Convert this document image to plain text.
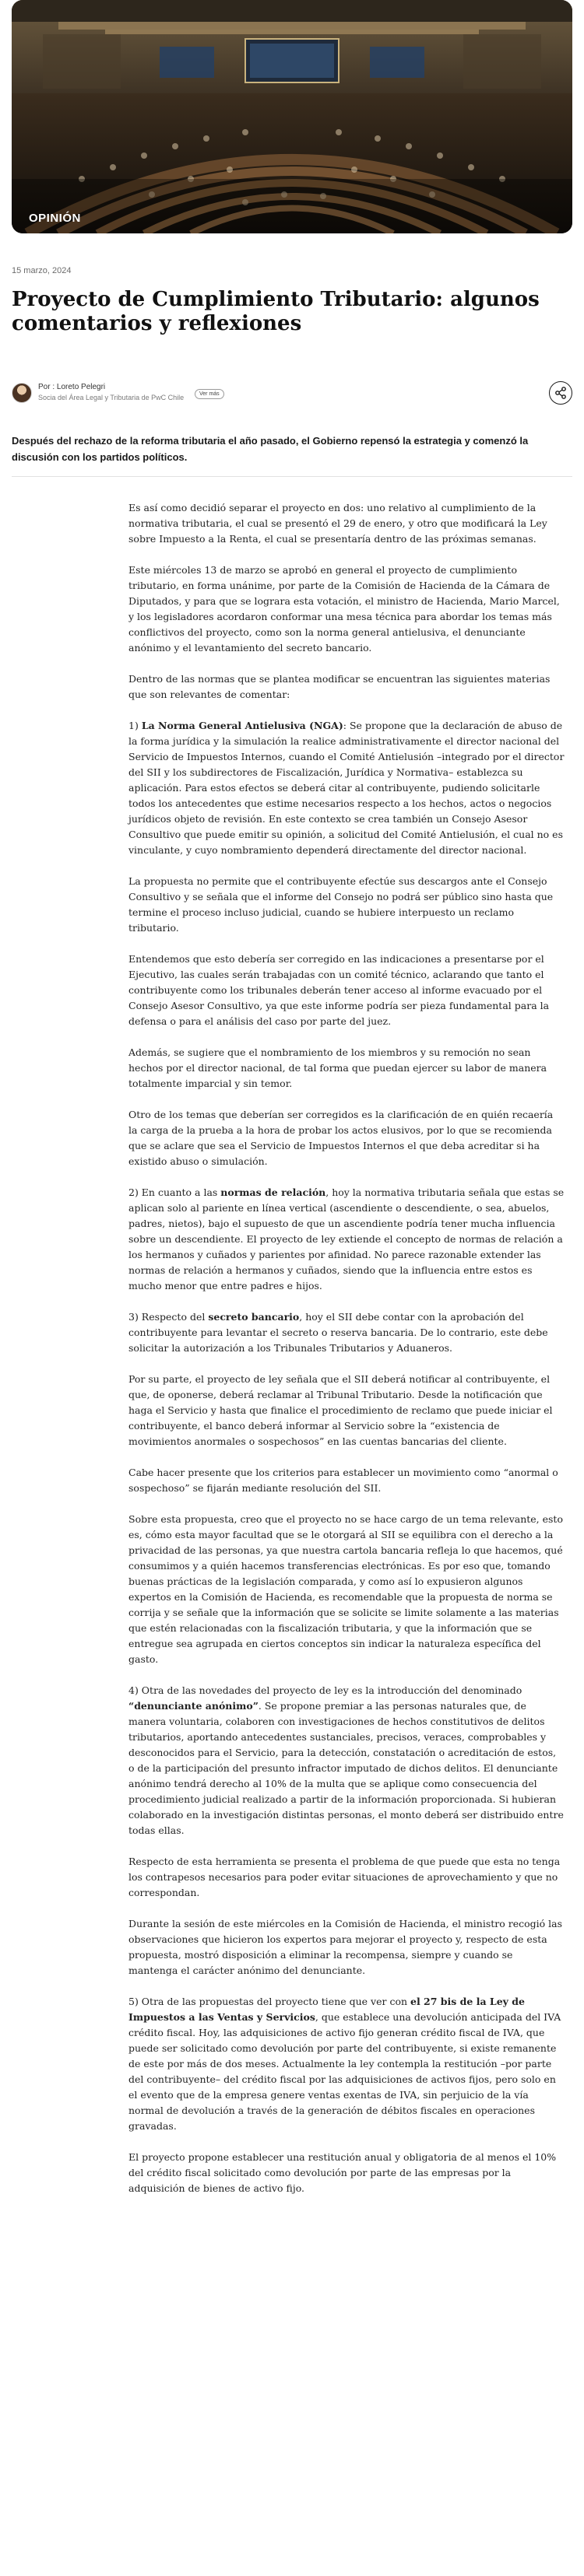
OPINIÓN
15 marzo, 2024
Proyecto de Cumplimiento Tributario: algunos comentarios y reflexiones
Por : Loreto Pelegri
Socia del Área Legal y Tributaria de PwC Chile	Ver más

Después del rechazo de la reforma tributaria el año pasado, el Gobierno repensó la estrategia y comenzó la discusión con los partidos políticos.

Es así como decidió separar el proyecto en dos: uno relativo al cumplimiento de la normativa tributaria, el cual se presentó el 29 de enero, y otro que modificará la Ley sobre Impuesto a la Renta, el cual se presentaría dentro de las próximas semanas.

Este miércoles 13 de marzo se aprobó en general el proyecto de cumplimiento tributario, en forma unánime, por parte de la Comisión de Hacienda de la Cámara de Diputados, y para que se lograra esta votación, el ministro de Hacienda, Mario Marcel, y los legisladores acordaron conformar una mesa técnica para abordar los temas más conflictivos del proyecto, como son la norma general antielusiva, el denunciante anónimo y el levantamiento del secreto bancario.

Dentro de las normas que se plantea modificar se encuentran las siguientes materias que son relevantes de comentar:

1) La Norma General Antielusiva (NGA): Se propone que la declaración de abuso de la forma jurídica y la simulación la realice administrativamente el director nacional del Servicio de Impuestos Internos, cuando el Comité Antielusión –integrado por el director del SII y los subdirectores de Fiscalización, Jurídica y Normativa– establezca su aplicación. Para estos efectos se deberá citar al contribuyente, pudiendo solicitarle todos los antecedentes que estime necesarios respecto a los hechos, actos o negocios jurídicos objeto de revisión. En este contexto se crea también un Consejo Asesor Consultivo que puede emitir su opinión, a solicitud del Comité Antielusión, el cual no es vinculante, y cuyo nombramiento dependerá directamente del director nacional.

La propuesta no permite que el contribuyente efectúe sus descargos ante el Consejo Consultivo y se señala que el informe del Consejo no podrá ser público sino hasta que termine el proceso incluso judicial, cuando se hubiere interpuesto un reclamo tributario.

Entendemos que esto debería ser corregido en las indicaciones a presentarse por el Ejecutivo, las cuales serán trabajadas con un comité técnico, aclarando que tanto el contribuyente como los tribunales deberán tener acceso al informe evacuado por el Consejo Asesor Consultivo, ya que este informe podría ser pieza fundamental para la defensa o para el análisis del caso por parte del juez.

Además, se sugiere que el nombramiento de los miembros y su remoción no sean hechos por el director nacional, de tal forma que puedan ejercer su labor de manera totalmente imparcial y sin temor.

Otro de los temas que deberían ser corregidos es la clarificación de en quién recaería la carga de la prueba a la hora de probar los actos elusivos, por lo que se recomienda que se aclare que sea el Servicio de Impuestos Internos el que deba acreditar si ha existido abuso o simulación.

2) En cuanto a las normas de relación, hoy la normativa tributaria señala que estas se aplican solo al pariente en línea vertical (ascendiente o descendiente, o sea, abuelos, padres, nietos), bajo el supuesto de que un ascendiente podría tener mucha influencia sobre un descendiente. El proyecto de ley extiende el concepto de normas de relación a los hermanos y cuñados y parientes por afinidad. No parece razonable extender las normas de relación a hermanos y cuñados, siendo que la influencia entre estos es mucho menor que entre padres e hijos.

3) Respecto del secreto bancario, hoy el SII debe contar con la aprobación del contribuyente para levantar el secreto o reserva bancaria. De lo contrario, este debe solicitar la autorización a los Tribunales Tributarios y Aduaneros.

Por su parte, el proyecto de ley señala que el SII deberá notificar al contribuyente, el que, de oponerse, deberá reclamar al Tribunal Tributario. Desde la notificación que haga el Servicio y hasta que finalice el procedimiento de reclamo que puede iniciar el contribuyente, el banco deberá informar al Servicio sobre la “existencia de movimientos anormales o sospechosos” en las cuentas bancarias del cliente.

Cabe hacer presente que los criterios para establecer un movimiento como “anormal o sospechoso” se fijarán mediante resolución del SII.

Sobre esta propuesta, creo que el proyecto no se hace cargo de un tema relevante, esto es, cómo esta mayor facultad que se le otorgará al SII se equilibra con el derecho a la privacidad de las personas, ya que nuestra cartola bancaria refleja lo que hacemos, qué consumimos y a quién hacemos transferencias electrónicas. Es por eso que, tomando buenas prácticas de la legislación comparada, y como así lo expusieron algunos expertos en la Comisión de Hacienda, es recomendable que la propuesta de norma se corrija y se señale que la información que se solicite se limite solamente a las materias que estén relacionadas con la fiscalización tributaria, y que la información que se entregue sea agrupada en ciertos conceptos sin indicar la naturaleza específica del gasto.

4) Otra de las novedades del proyecto de ley es la introducción del denominado “denunciante anónimo”. Se propone premiar a las personas naturales que, de manera voluntaria, colaboren con investigaciones de hechos constitutivos de delitos tributarios, aportando antecedentes sustanciales, precisos, veraces, comprobables y desconocidos para el Servicio, para la detección, constatación o acreditación de estos, o de la participación del presunto infractor imputado de dichos delitos. El denunciante anónimo tendrá derecho al 10% de la multa que se aplique como consecuencia del procedimiento judicial realizado a partir de la información proporcionada. Si hubieran colaborado en la investigación distintas personas, el monto deberá ser distribuido entre todas ellas.

Respecto de esta herramienta se presenta el problema de que puede que esta no tenga los contrapesos necesarios para poder evitar situaciones de aprovechamiento y que no correspondan.

Durante la sesión de este miércoles en la Comisión de Hacienda, el ministro recogió las observaciones que hicieron los expertos para mejorar el proyecto y, respecto de esta propuesta, mostró disposición a eliminar la recompensa, siempre y cuando se mantenga el carácter anónimo del denunciante.

5) Otra de las propuestas del proyecto tiene que ver con el 27 bis de la Ley de Impuestos a las Ventas y Servicios, que establece una devolución anticipada del IVA crédito fiscal. Hoy, las adquisiciones de activo fijo generan crédito fiscal de IVA, que puede ser solicitado como devolución por parte del contribuyente, si existe remanente de este por más de dos meses. Actualmente la ley contempla la restitución –por parte del contribuyente– del crédito fiscal por las adquisiciones de activos fijos, pero solo en el evento que de la empresa genere ventas exentas de IVA, sin perjuicio de la vía normal de devolución a través de la generación de débitos fiscales en operaciones gravadas.

El proyecto propone establecer una restitución anual y obligatoria de al menos el 10% del crédito fiscal solicitado como devolución por parte de las empresas por la adquisición de bienes de activo fijo.
